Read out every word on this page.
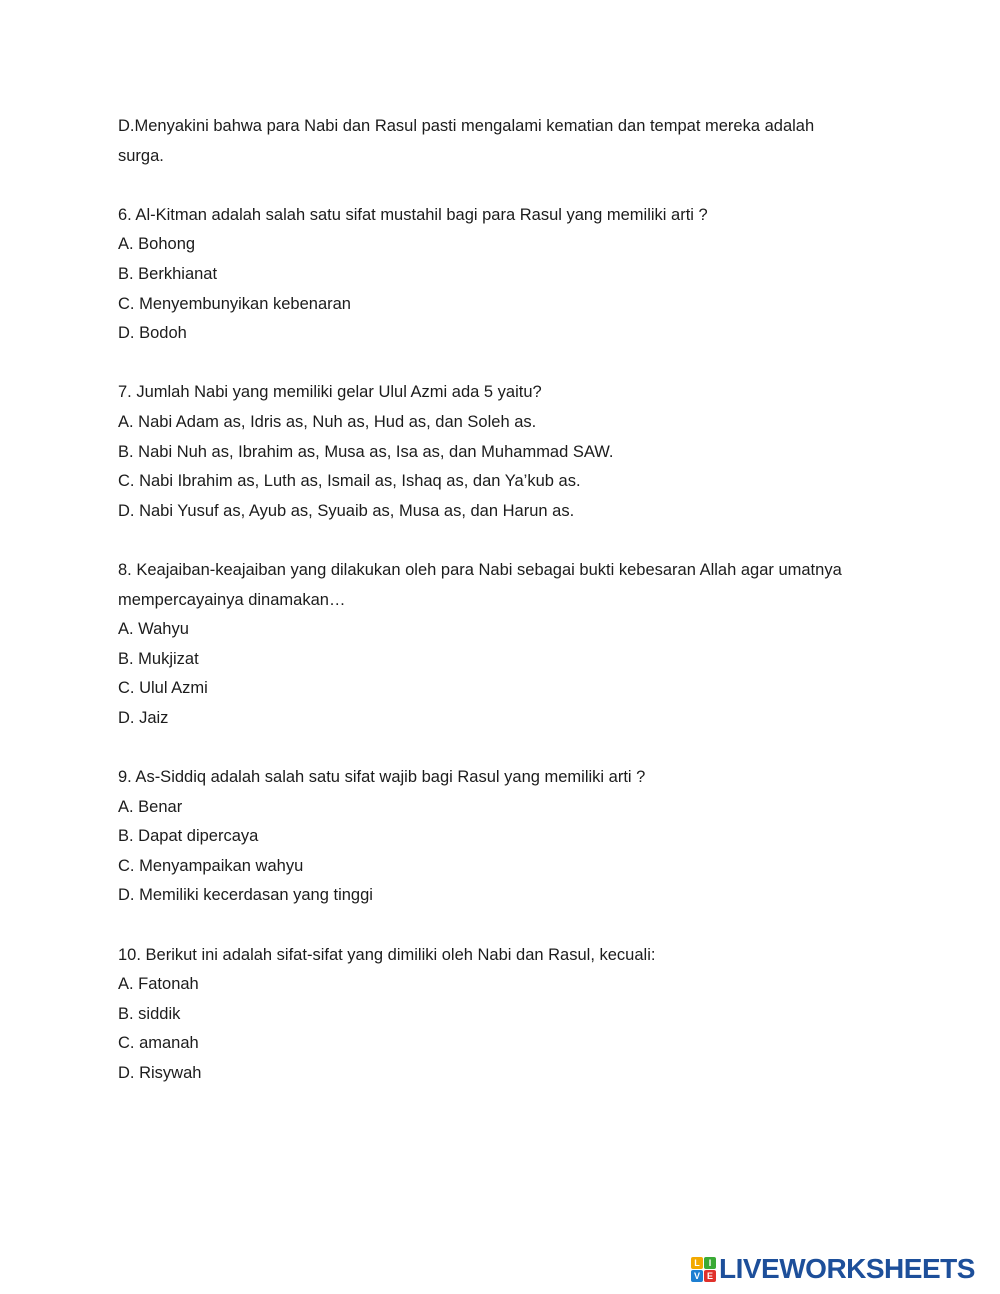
D.Menyakini bahwa para Nabi dan Rasul pasti mengalami kematian dan tempat mereka adalah
surga.
6. Al-Kitman adalah salah satu sifat mustahil bagi para Rasul yang memiliki arti ?
A. Bohong
B. Berkhianat
C. Menyembunyikan kebenaran
D. Bodoh
7. Jumlah Nabi yang memiliki gelar Ulul Azmi ada 5 yaitu?
A. Nabi Adam as, Idris as, Nuh as, Hud as, dan Soleh as.
B. Nabi Nuh as, Ibrahim as, Musa as, Isa as, dan Muhammad SAW.
C. Nabi Ibrahim as, Luth as, Ismail as, Ishaq as, dan Ya’kub as.
D. Nabi Yusuf as, Ayub as, Syuaib as, Musa as, dan Harun as.
8. Keajaiban-keajaiban yang dilakukan oleh para Nabi sebagai bukti kebesaran Allah agar umatnya
mempercayainya dinamakan…
A. Wahyu
B. Mukjizat
C. Ulul Azmi
D. Jaiz
9. As-Siddiq adalah salah satu sifat wajib bagi Rasul yang memiliki arti ?
A. Benar
B. Dapat dipercaya
C. Menyampaikan wahyu
D. Memiliki kecerdasan yang tinggi
10. Berikut ini adalah sifat-sifat yang dimiliki oleh Nabi dan Rasul, kecuali:
A. Fatonah
B. siddik
C. amanah
D. Risywah
L I
V E LIVEWORKSHEETS
